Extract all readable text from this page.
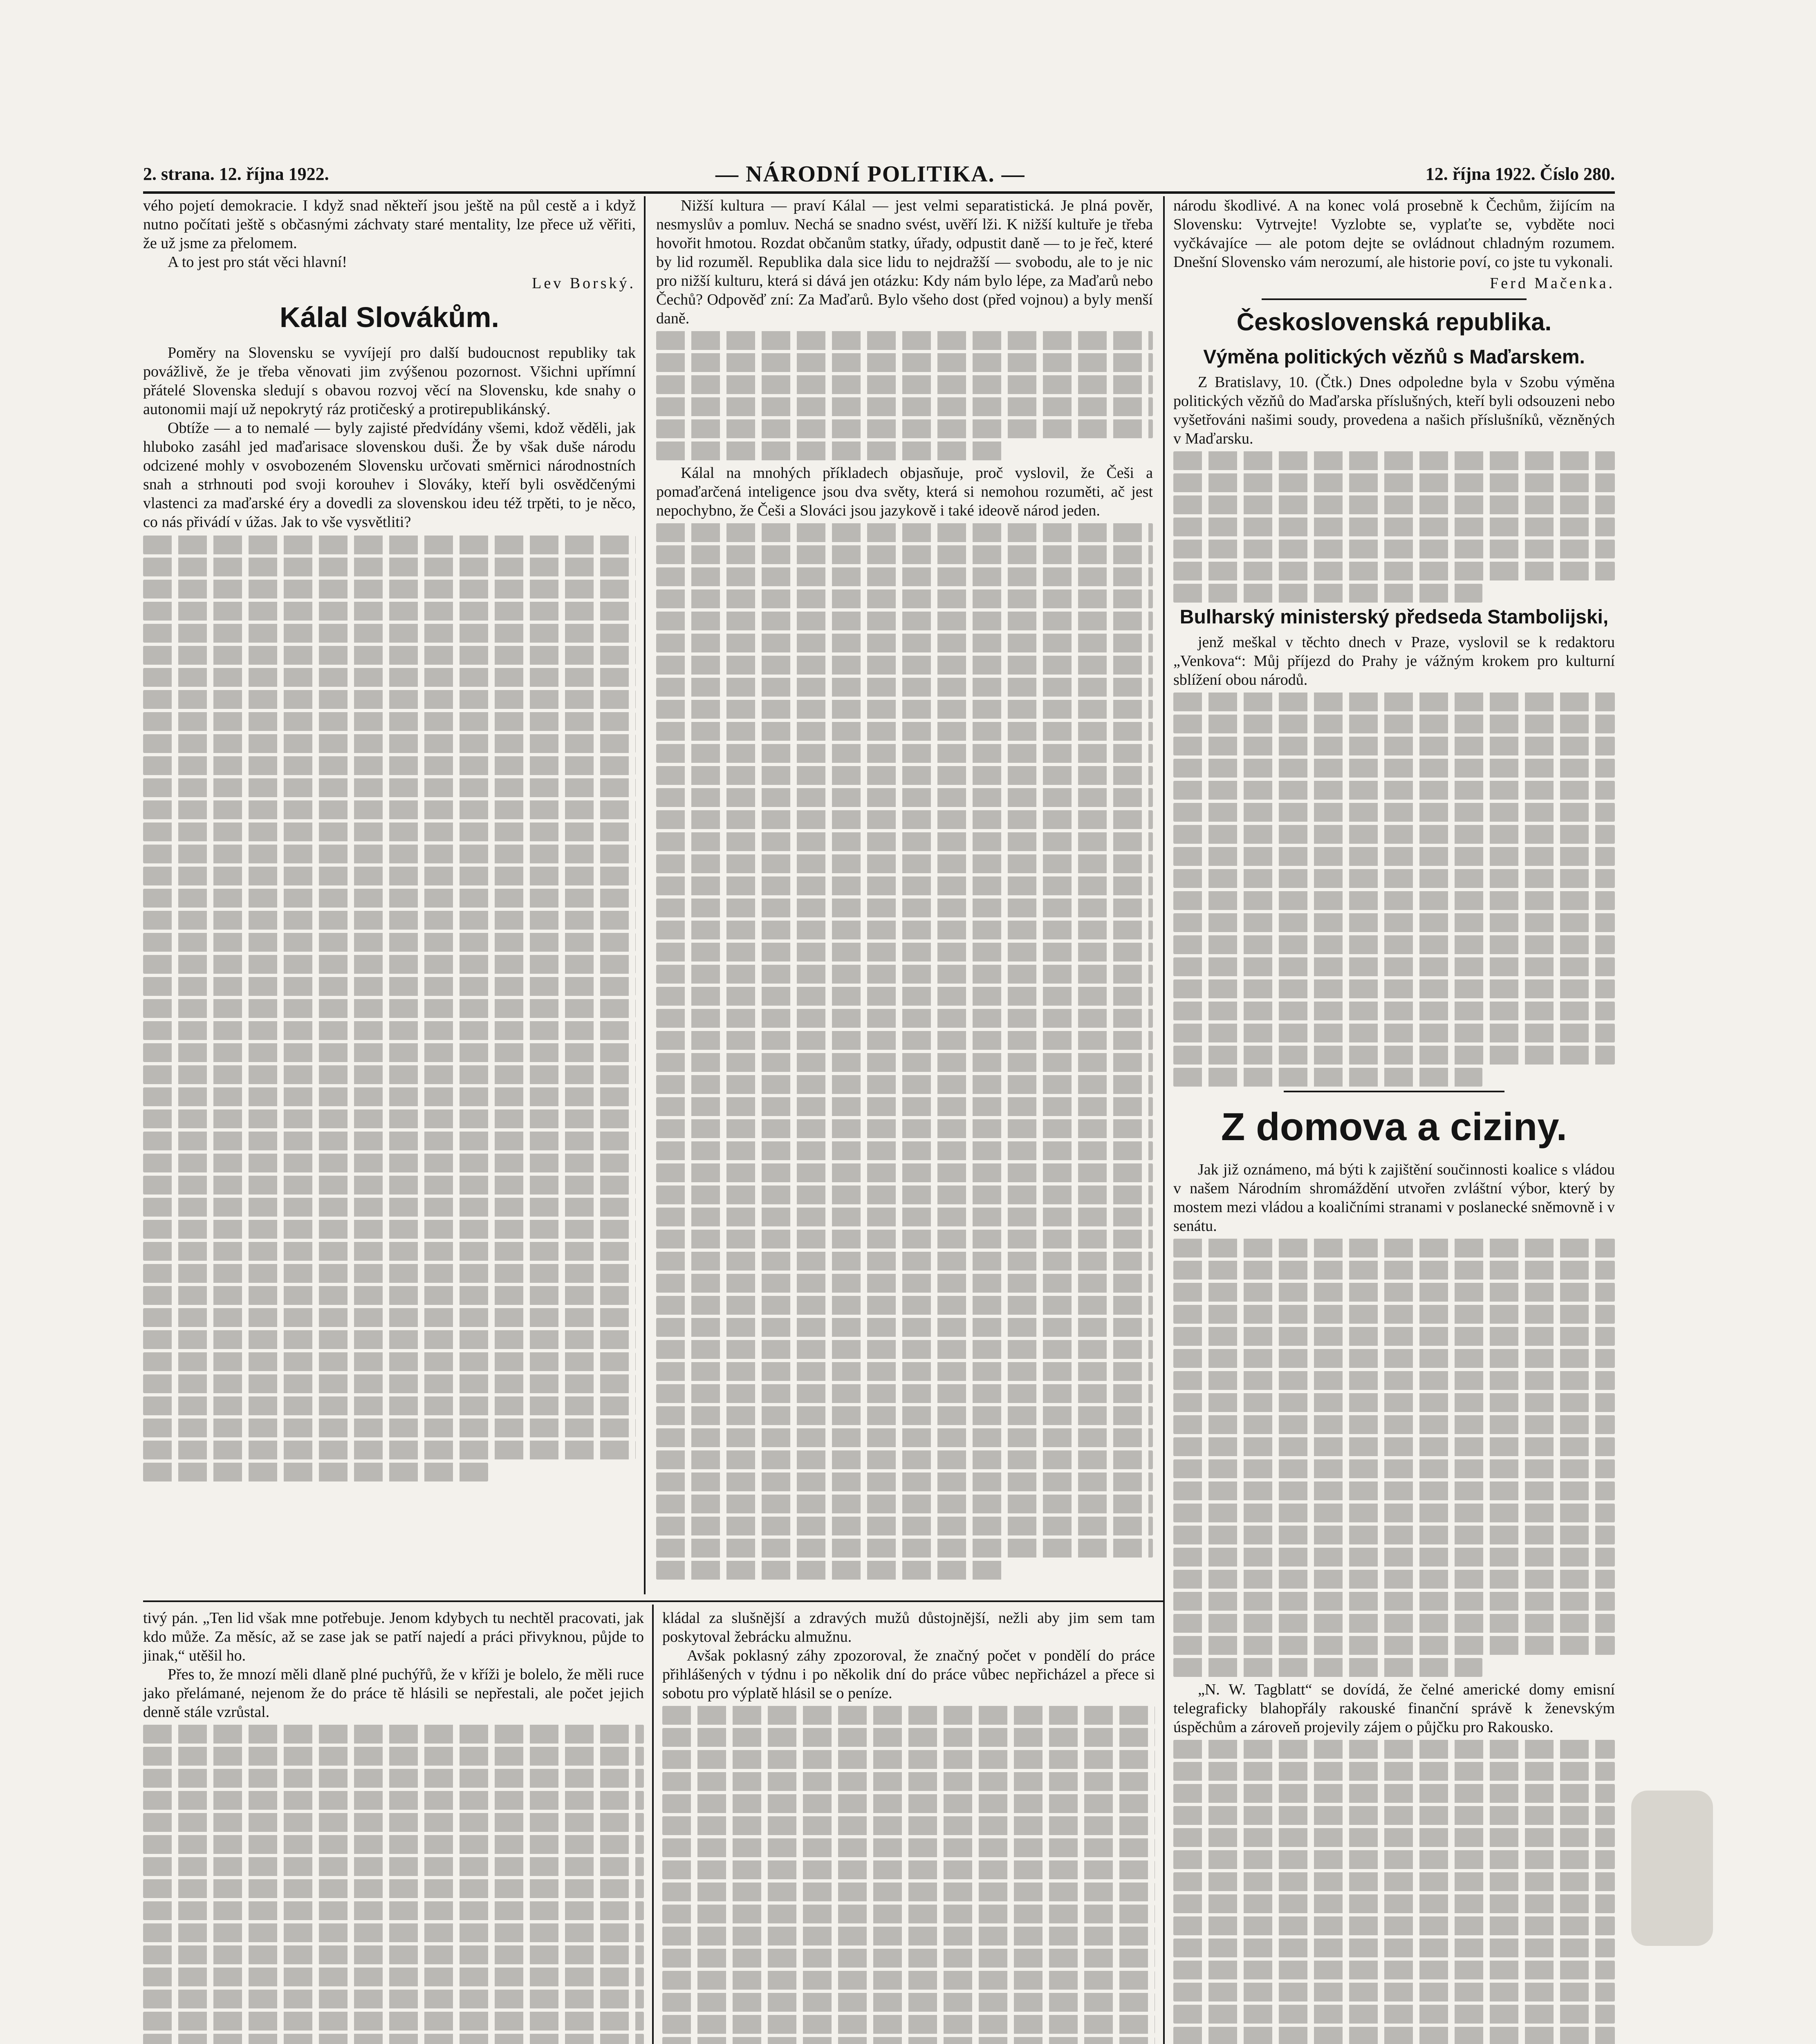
2. strana. 12. října 1922.	— NÁRODNÍ POLITIKA. —	12. října 1922. Číslo 280.

vého pojetí demokracie. I když snad někteří jsou ještě na půl cestě a i když nutno počítati ještě s občasnými záchvaty staré mentality, lze přece už věřiti, že už jsme za přelomem.

A to jest pro stát věci hlavní!

Lev Borský.

Kálal Slovákům.

Poměry na Slovensku se vyvíjejí pro další budoucnost republiky tak povážlivě, že je třeba věnovati jim zvýšenou pozornost. Všichni upřímní přátelé Slovenska sledují s obavou rozvoj věcí na Slovensku, kde snahy o autonomii mají už nepokrytý ráz protičeský a protirepublikánský.

Obtíže — a to nemalé — byly zajisté předvídány všemi, kdož věděli, jak hluboko zasáhl jed maďarisace slovenskou duši. Že by však duše národu odcizené mohly v osvobozeném Slovensku určovati směrnici národnostních snah a strhnouti pod svoji korouhev i Slováky, kteří byli osvědčenými vlastenci za maďarské éry a dovedli za slovenskou ideu též trpěti, to je něco, co nás přivádí v úžas. Jak to vše vysvětliti?

Nižší kultura — praví Kálal — jest velmi separatistická. Je plná pověr, nesmyslův a pomluv. Nechá se snadno svést, uvěří lži. K nižší kultuře je třeba hovořit hmotou. Rozdat občanům statky, úřady, odpustit daně — to je řeč, které by lid rozuměl. Republika dala sice lidu to nejdražší — svobodu, ale to je nic pro nižší kulturu, která si dává jen otázku: Kdy nám bylo lépe, za Maďarů nebo Čechů? Odpověď zní: Za Maďarů. Bylo všeho dost (před vojnou) a byly menší daně.

Kálal na mnohých příkladech objasňuje, proč vyslovil, že Češi a pomaďarčená inteligence jsou dva světy, která si nemohou rozuměti, ač jest nepochybno, že Češi a Slováci jsou jazykově i také ideově národ jeden.

národu škodlivé. A na konec volá prosebně k Čechům, žijícím na Slovensku: Vytrvejte! Vyzlobte se, vyplaťte se, vybděte noci vyčkávajíce — ale potom dejte se ovládnout chladným rozumem. Dnešní Slovensko vám nerozumí, ale historie poví, co jste tu vykonali.

Ferd Mačenka.

Československá republika.
Výměna politických vězňů s Maďarskem.

Z Bratislavy, 10. (Čtk.) Dnes odpoledne byla v Szobu výměna politických vězňů do Maďarska příslušných, kteří byli odsouzeni nebo vyšetřováni našimi soudy, provedena a našich příslušníků, vězněných v Maďarsku.

Bulharský ministerský předseda Stambolijski,

jenž meškal v těchto dnech v Praze, vyslovil se k redaktoru „Venkova“: Můj příjezd do Prahy je vážným krokem pro kulturní sblížení obou národů.

Z domova a ciziny.

Jak již oznámeno, má býti k zajištění součinnosti koalice s vládou v našem Národním shromáždění utvořen zvláštní výbor, který by mostem mezi vládou a koaličními stranami v poslanecké sněmovně i v senátu.

„N. W. Tagblatt“ se dovídá, že čelné americké domy emisní telegraficky blahopřály rakouské finanční správě k ženevským úspěchům a zároveň projevily zájem o půjčku pro Rakousko.

tivý pán. „Ten lid však mne potřebuje. Jenom kdybych tu nechtěl pracovati, jak kdo může. Za měsíc, až se zase jak se patří najedí a práci přivyknou, půjde to jinak,“ utěšil ho.

Přes to, že mnozí měli dlaně plné puchýřů, že v kříži je bolelo, že měli ruce jako přelámané, nejenom že do práce tě hlásili se nepřestali, ale počet jejich denně stále vzrůstal.

kládal za slušnější a zdravých mužů důstojnější, nežli aby jim sem tam poskytoval žebrácku almužnu.

Avšak poklasný záhy zpozoroval, že značný počet v pondělí do práce přihlášených v týdnu i po několik dní do práce vůbec nepřicházel a přece si sobotu pro výplatě hlásil se o peníze.
